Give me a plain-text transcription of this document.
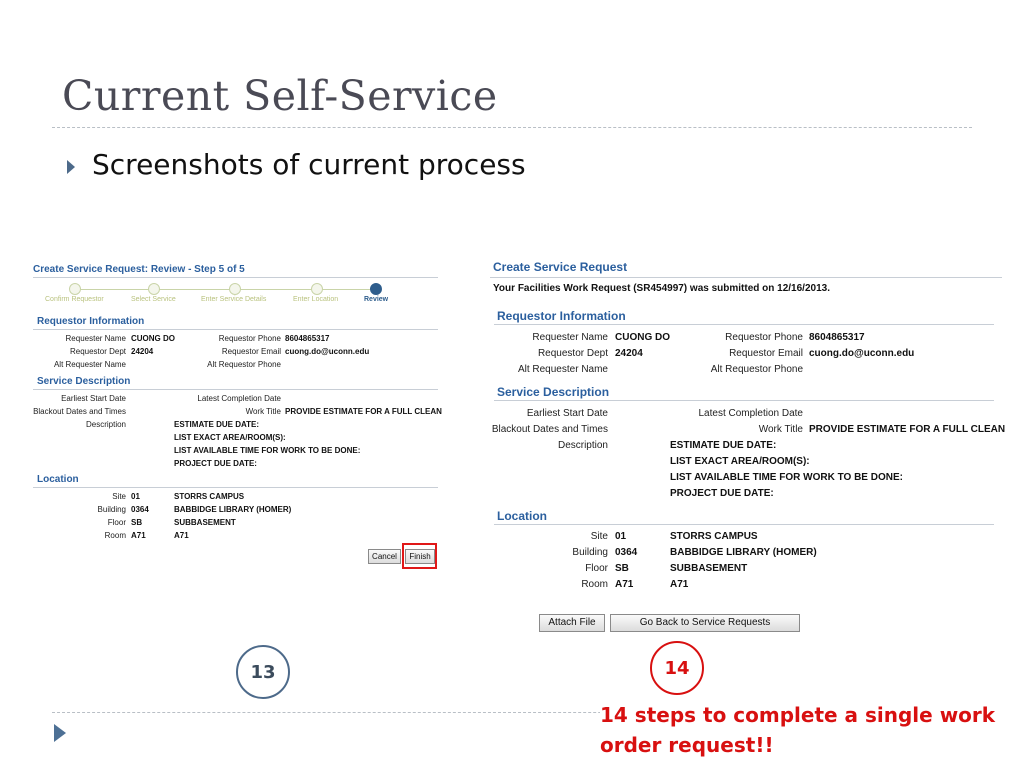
Current Self-Service
Screenshots of current process
Create Service Request: Review - Step 5 of 5
Confirm Requestor	Select Service	Enter Service Details	Enter Location	Review
Requestor Information
Requester Name CUONG DO	Requestor Phone 8604865317
Requestor Dept 24204	Requestor Email cuong.do@uconn.edu
Alt Requester Name	Alt Requestor Phone
Service Description
Earliest Start Date	Latest Completion Date
Blackout Dates and Times	Work Title PROVIDE ESTIMATE FOR A FULL CLEAN
Description	ESTIMATE DUE DATE:
LIST EXACT AREA/ROOM(S):
LIST AVAILABLE TIME FOR WORK TO BE DONE:
PROJECT DUE DATE:
Location
Site 01	STORRS CAMPUS
Building 0364	BABBIDGE LIBRARY (HOMER)
Floor SB	SUBBASEMENT
Room A71	A71
Cancel	Finish
Create Service Request
Your Facilities Work Request (SR454997) was submitted on 12/16/2013.
Requestor Information
Requester Name CUONG DO	Requestor Phone 8604865317
Requestor Dept 24204	Requestor Email cuong.do@uconn.edu
Alt Requester Name	Alt Requestor Phone
Service Description
Earliest Start Date	Latest Completion Date
Blackout Dates and Times	Work Title PROVIDE ESTIMATE FOR A FULL CLEAN
Description	ESTIMATE DUE DATE:
LIST EXACT AREA/ROOM(S):
LIST AVAILABLE TIME FOR WORK TO BE DONE:
PROJECT DUE DATE:
Location
Site 01	STORRS CAMPUS
Building 0364	BABBIDGE LIBRARY (HOMER)
Floor SB	SUBBASEMENT
Room A71	A71
Attach File	Go Back to Service Requests
13	14
14 steps to complete a single work order request!!
